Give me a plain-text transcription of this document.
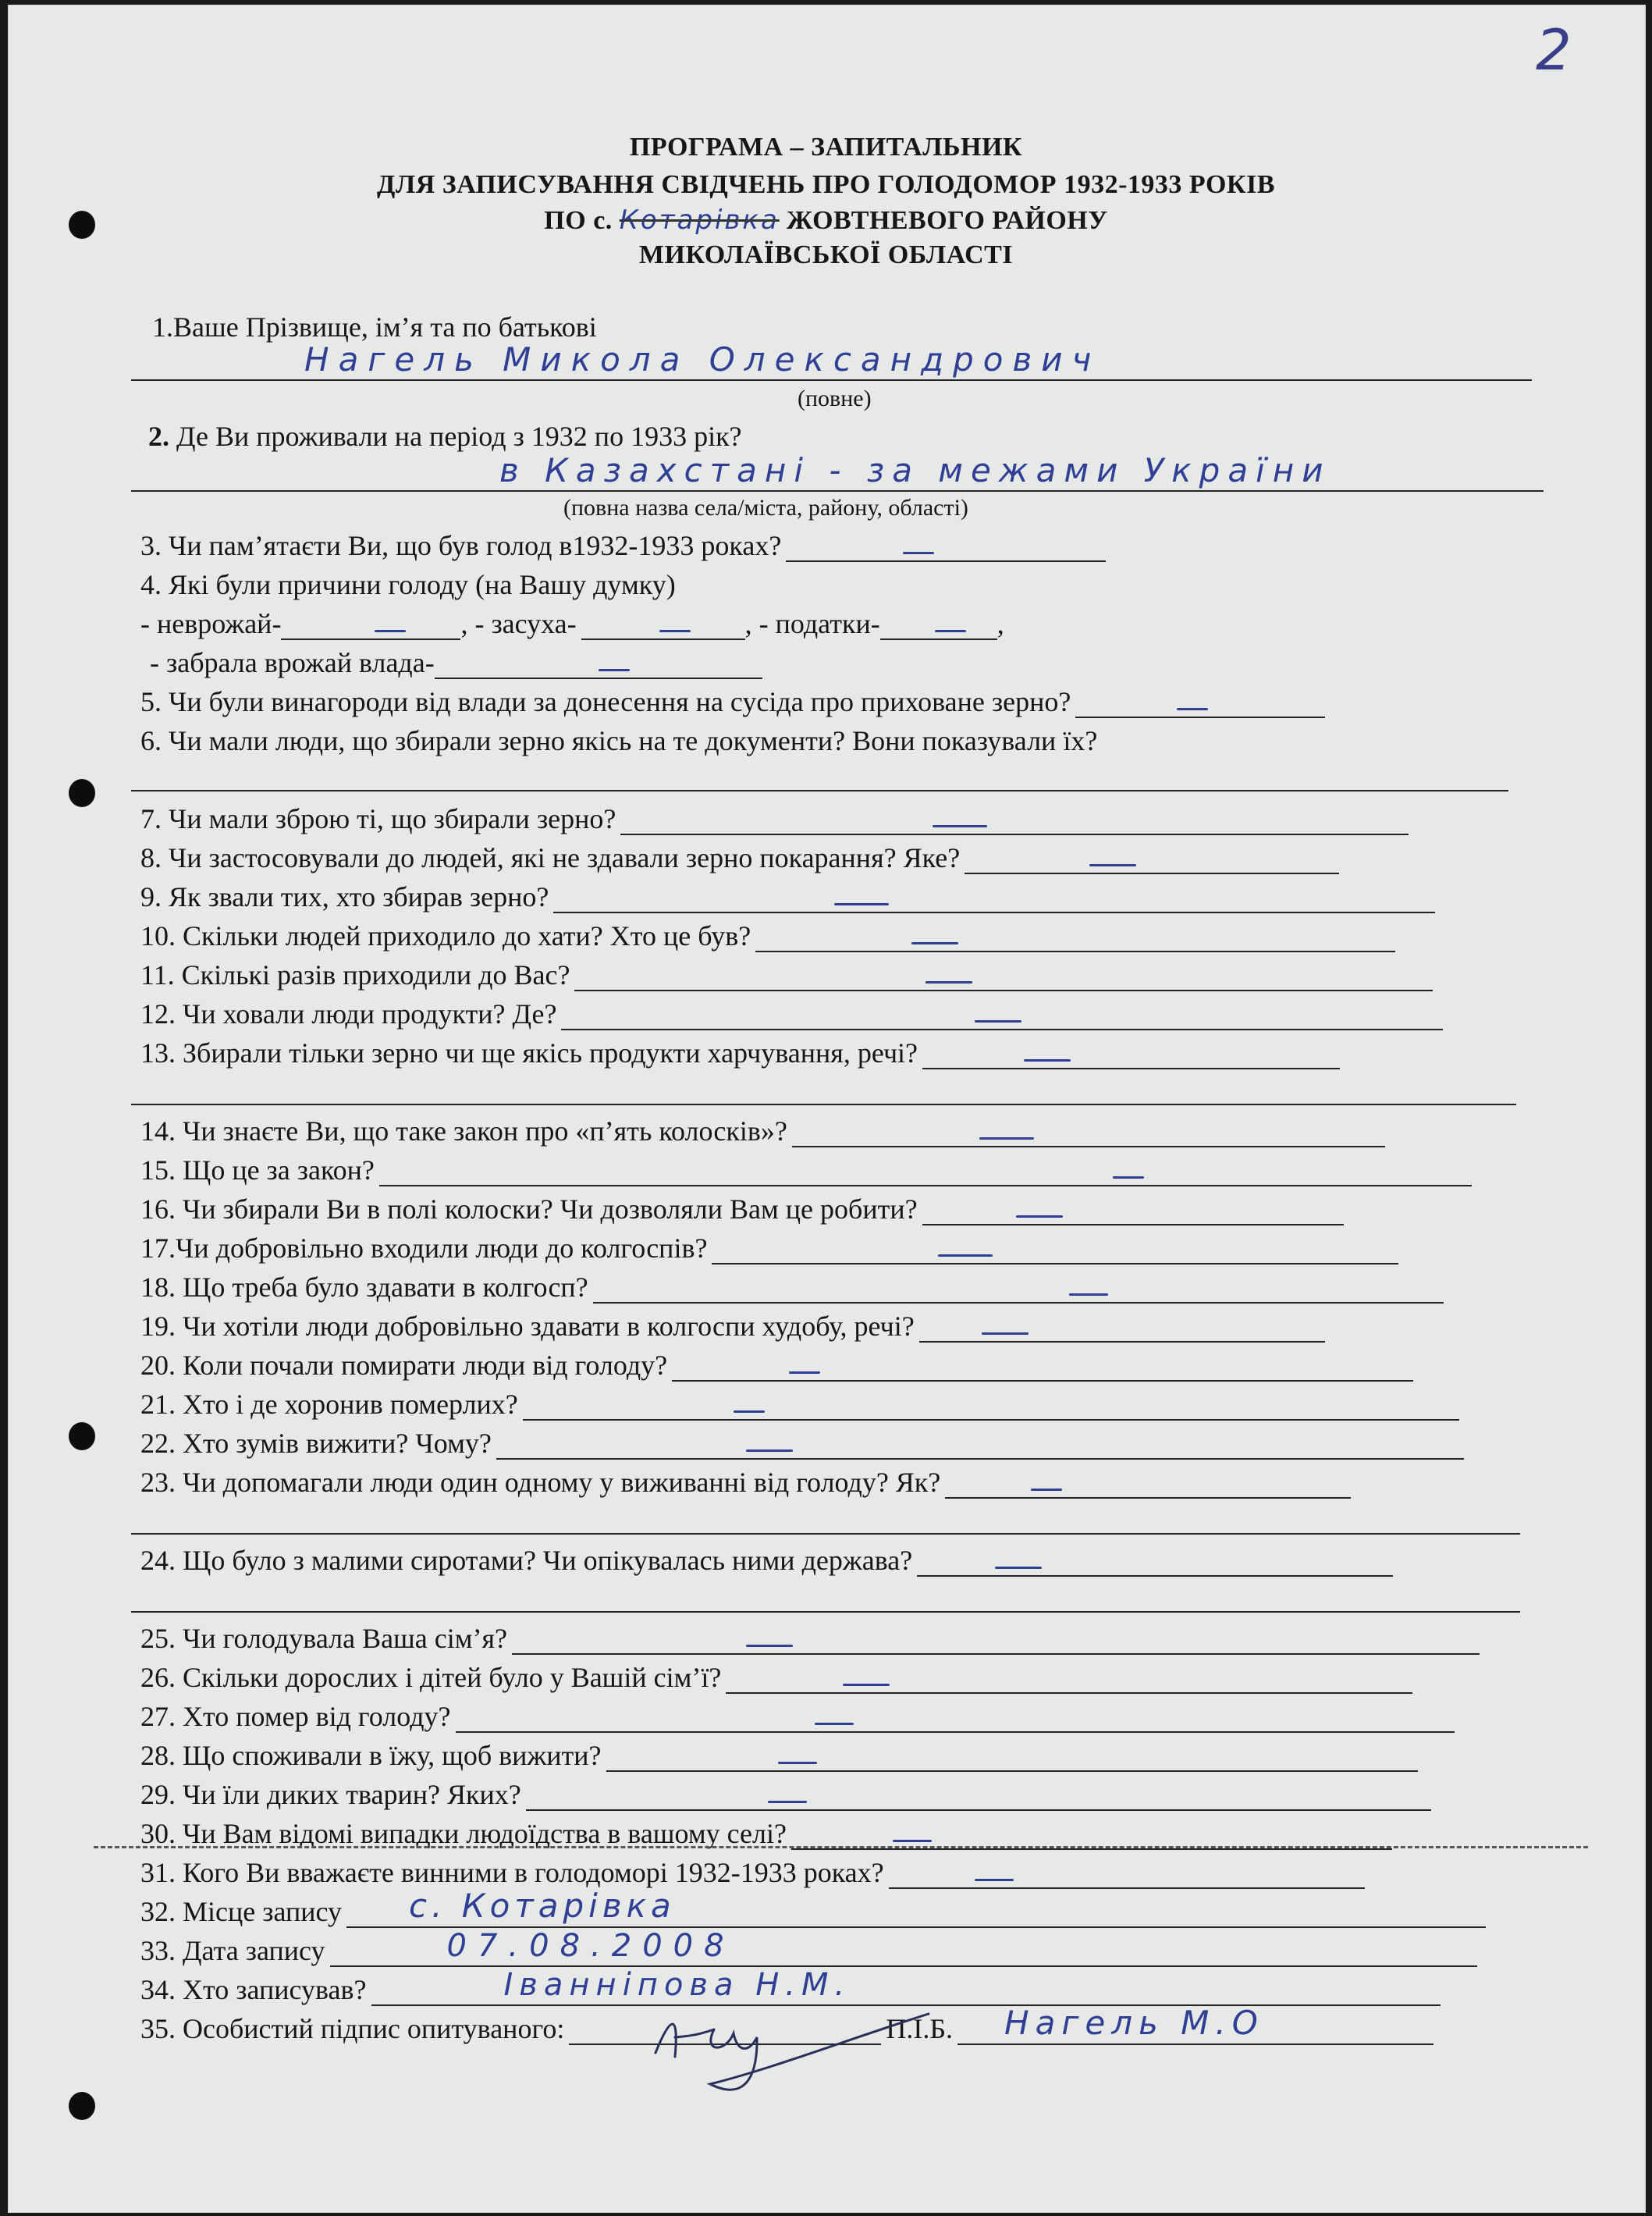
2
ПРОГРАМА – ЗАПИТАЛЬНИК
ДЛЯ ЗАПИСУВАННЯ СВІДЧЕНЬ ПРО ГОЛОДОМОР 1932-1933 РОКІВ
ПО с. Котарівка ЖОВТНЕВОГО РАЙОНУ
МИКОЛАЇВСЬКОЇ ОБЛАСТІ
1.Ваше Прізвище, ім’я та по батькові
Нагель Микола Олександрович
(повне)
2.
Де Ви проживали на період з 1932 по 1933 рік?
в Казахстані - за межами України
(повна назва села/міста, району, області)
3. Чи пам’ятаєти Ви, що був голод в1932-1933 роках?
4. Які були причини голоду (на Вашу думку)
- неврожай-	, - засуха-	, - податки-	,
- забрала врожай влада-
5. Чи були винагороди від влади за донесення на сусіда про приховане зерно?
6. Чи мали люди, що збирали зерно якісь на те документи? Вони показували їх?
7. Чи мали зброю ті, що збирали зерно?
8. Чи застосовували до людей, які не здавали зерно покарання? Яке?
9. Як звали тих, хто збирав зерно?
10. Скільки людей приходило до хати? Хто це був?
11. Скількі разів приходили до Вас?
12. Чи ховали люди продукти? Де?
13. Збирали тільки зерно чи ще якісь продукти харчування, речі?
14. Чи знаєте Ви, що таке закон про «п’ять колосків»?
15. Що це за закон?
16. Чи збирали Ви в полі колоски? Чи дозволяли Вам це робити?
17.Чи добровільно входили люди до колгоспів?
18. Що треба було здавати в колгосп?
19. Чи хотіли люди добровільно здавати в колгоспи худобу, речі?
20. Коли почали помирати люди від голоду?
21. Хто і де хоронив померлих?
22. Хто зумів вижити? Чому?
23. Чи допомагали люди один одному у виживанні від голоду? Як?
24. Що було з малими сиротами? Чи опікувалась ними держава?
25. Чи голодувала Ваша сім’я?
26. Скільки дорослих і дітей було у Вашій сім’ї?
27. Хто помер від голоду?
28. Що споживали в їжу, щоб вижити?
29. Чи їли диких тварин? Яких?
30. Чи Вам відомі випадки людоїдства в вашому селі?
31. Кого Ви вважаєте винними в голодоморі 1932-1933 роках?
32. Місце запису с. Котарівка
33. Дата запису	07.08.2008
34. Хто записував?	Іванніпова Н.М.
35. Особистий підпис опитуваного:	П.І.Б. Нагель М.О
